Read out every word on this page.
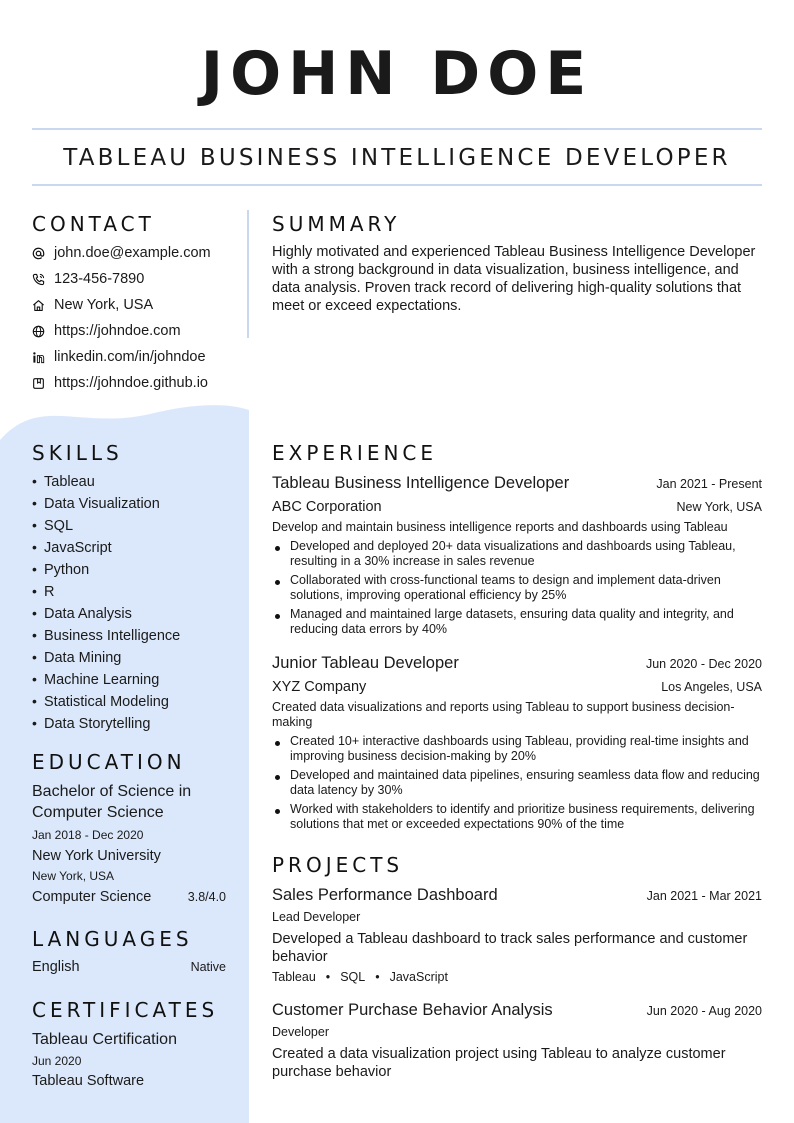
JOHN DOE
TABLEAU BUSINESS INTELLIGENCE DEVELOPER
CONTACT
john.doe@example.com
123-456-7890
New York, USA
https://johndoe.com
linkedin.com/in/johndoe
https://johndoe.github.io
SUMMARY
Highly motivated and experienced Tableau Business Intelligence Developer with a strong background in data visualization, business intelligence, and data analysis. Proven track record of delivering high-quality solutions that meet or exceed expectations.
SKILLS
• Tableau
• Data Visualization
• SQL
• JavaScript
• Python
• R
• Data Analysis
• Business Intelligence
• Data Mining
• Machine Learning
• Statistical Modeling
• Data Storytelling
EDUCATION
Bachelor of Science in Computer Science
Jan 2018 - Dec 2020
New York University
New York, USA
Computer Science	3.8/4.0
LANGUAGES
English	Native
CERTIFICATES
Tableau Certification
Jun 2020
Tableau Software
EXPERIENCE
Tableau Business Intelligence Developer	Jan 2021 - Present
ABC Corporation	New York, USA
Develop and maintain business intelligence reports and dashboards using Tableau
Developed and deployed 20+ data visualizations and dashboards using Tableau, resulting in a 30% increase in sales revenue
Collaborated with cross-functional teams to design and implement data-driven solutions, improving operational efficiency by 25%
Managed and maintained large datasets, ensuring data quality and integrity, and reducing data errors by 40%
Junior Tableau Developer	Jun 2020 - Dec 2020
XYZ Company	Los Angeles, USA
Created data visualizations and reports using Tableau to support business decision-making
Created 10+ interactive dashboards using Tableau, providing real-time insights and improving business decision-making by 20%
Developed and maintained data pipelines, ensuring seamless data flow and reducing data latency by 30%
Worked with stakeholders to identify and prioritize business requirements, delivering solutions that met or exceeded expectations 90% of the time
PROJECTS
Sales Performance Dashboard	Jan 2021 - Mar 2021
Lead Developer
Developed a Tableau dashboard to track sales performance and customer behavior
Tableau • SQL • JavaScript
Customer Purchase Behavior Analysis	Jun 2020 - Aug 2020
Developer
Created a data visualization project using Tableau to analyze customer purchase behavior
